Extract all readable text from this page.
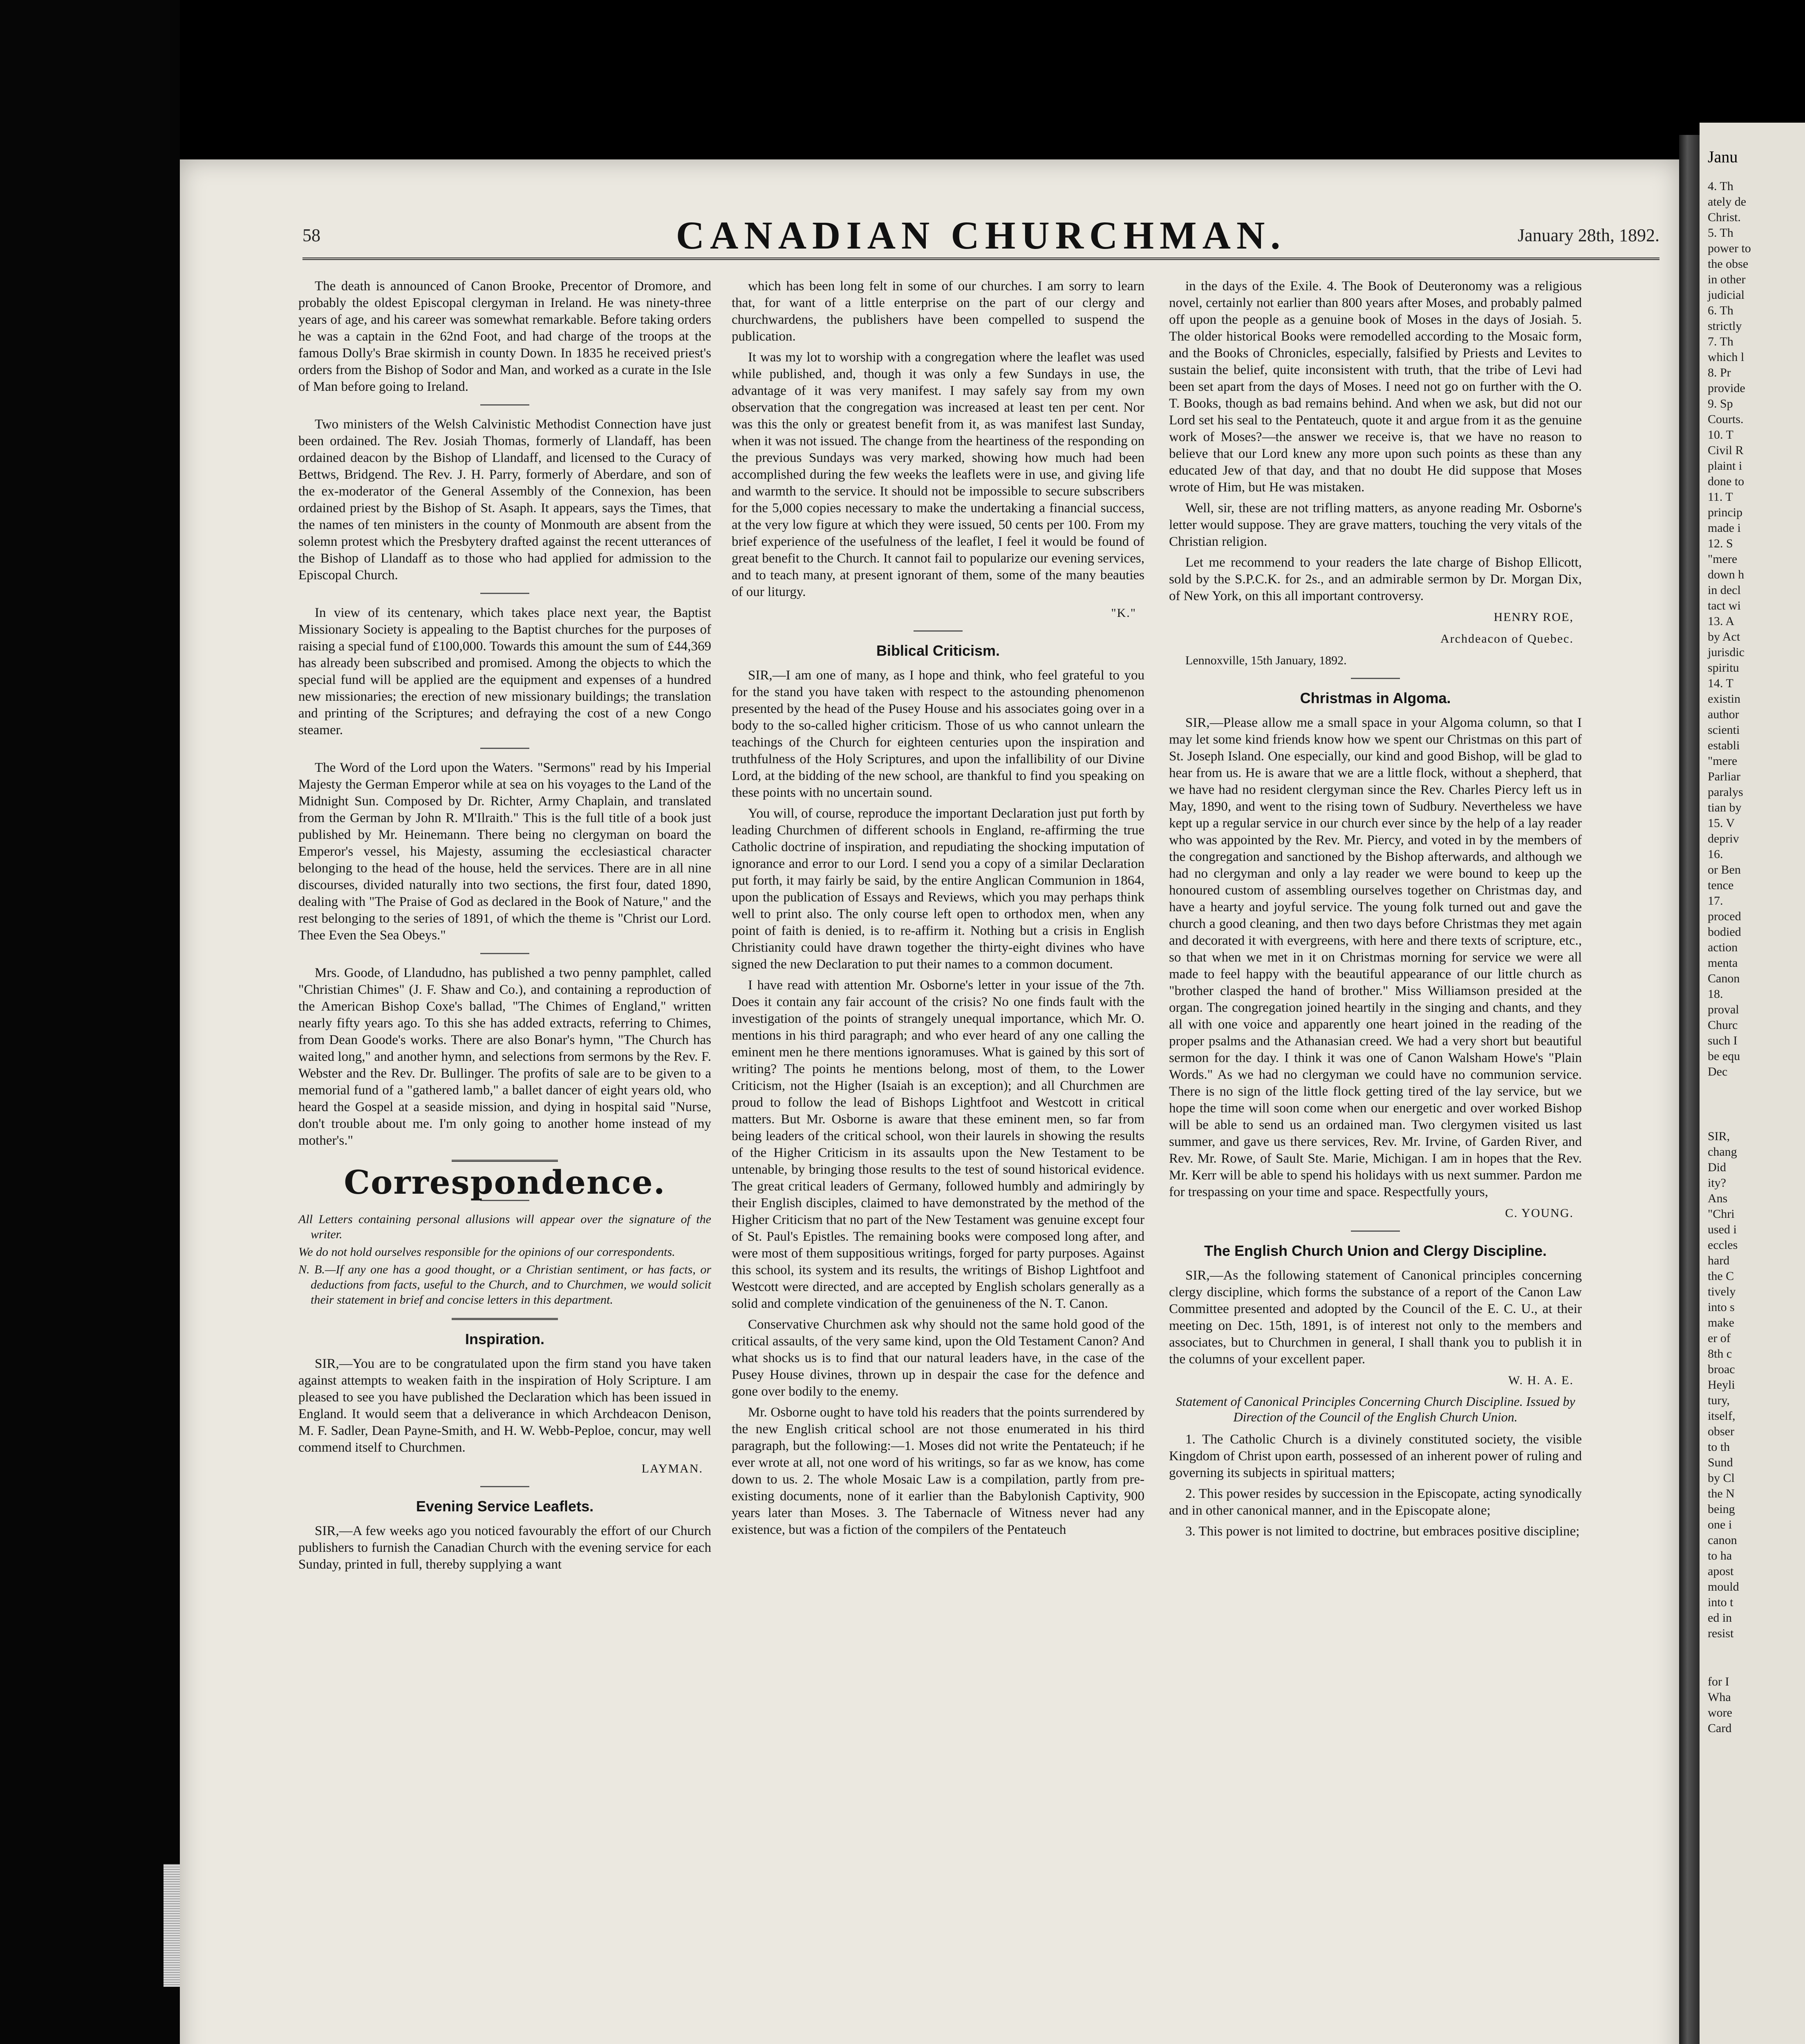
58	CANADIAN CHURCHMAN.	January 28th, 1892.

The death is announced of Canon Brooke, Precentor of Dromore, and probably the oldest Episcopal clergyman in Ireland. He was ninety-three years of age, and his career was somewhat remarkable. Before taking orders he was a captain in the 62nd Foot, and had charge of the troops at the famous Dolly's Brae skirmish in county Down. In 1835 he received priest's orders from the Bishop of Sodor and Man, and worked as a curate in the Isle of Man before going to Ireland.

Two ministers of the Welsh Calvinistic Methodist Connection have just been ordained. The Rev. Josiah Thomas, formerly of Llandaff, has been ordained deacon by the Bishop of Llandaff, and licensed to the Curacy of Bettws, Bridgend. The Rev. J. H. Parry, formerly of Aberdare, and son of the ex-moderator of the General Assembly of the Connexion, has been ordained priest by the Bishop of St. Asaph. It appears, says the Times, that the names of ten ministers in the county of Monmouth are absent from the solemn protest which the Presbytery drafted against the recent utterances of the Bishop of Llandaff as to those who had applied for admission to the Episcopal Church.

In view of its centenary, which takes place next year, the Baptist Missionary Society is appealing to the Baptist churches for the purposes of raising a special fund of £100,000. Towards this amount the sum of £44,369 has already been subscribed and promised. Among the objects to which the special fund will be applied are the equipment and expenses of a hundred new missionaries; the erection of new missionary buildings; the translation and printing of the Scriptures; and defraying the cost of a new Congo steamer.

The Word of the Lord upon the Waters. "Sermons" read by his Imperial Majesty the German Emperor while at sea on his voyages to the Land of the Midnight Sun. Composed by Dr. Richter, Army Chaplain, and translated from the German by John R. M'Ilraith." This is the full title of a book just published by Mr. Heinemann. There being no clergyman on board the Emperor's vessel, his Majesty, assuming the ecclesiastical character belonging to the head of the house, held the services. There are in all nine discourses, divided naturally into two sections, the first four, dated 1890, dealing with "The Praise of God as declared in the Book of Nature," and the rest belonging to the series of 1891, of which the theme is "Christ our Lord. Thee Even the Sea Obeys."

Mrs. Goode, of Llandudno, has published a two penny pamphlet, called "Christian Chimes" (J. F. Shaw and Co.), and containing a reproduction of the American Bishop Coxe's ballad, "The Chimes of England," written nearly fifty years ago. To this she has added extracts, referring to Chimes, from Dean Goode's works. There are also Bonar's hymn, "The Church has waited long," and another hymn, and selections from sermons by the Rev. F. Webster and the Rev. Dr. Bullinger. The profits of sale are to be given to a memorial fund of a "gathered lamb," a ballet dancer of eight years old, who heard the Gospel at a seaside mission, and dying in hospital said "Nurse, don't trouble about me. I'm only going to another home instead of my mother's."

Correspondence.
All Letters containing personal allusions will appear over the signature of the writer.
We do not hold ourselves responsible for the opinions of our correspondents.
N. B.—If any one has a good thought, or a Christian sentiment, or has facts, or deductions from facts, useful to the Church, and to Churchmen, we would solicit their statement in brief and concise letters in this department.
Inspiration.

SIR,—You are to be congratulated upon the firm stand you have taken against attempts to weaken faith in the inspiration of Holy Scripture. I am pleased to see you have published the Declaration which has been issued in England. It would seem that a deliverance in which Archdeacon Denison, M. F. Sadler, Dean Payne-Smith, and H. W. Webb-Peploe, concur, may well commend itself to Churchmen.

LAYMAN.
Evening Service Leaflets.

SIR,—A few weeks ago you noticed favourably the effort of our Church publishers to furnish the Canadian Church with the evening service for each Sunday, printed in full, thereby supplying a want

which has been long felt in some of our churches. I am sorry to learn that, for want of a little enterprise on the part of our clergy and churchwardens, the publishers have been compelled to suspend the publication.

It was my lot to worship with a congregation where the leaflet was used while published, and, though it was only a few Sundays in use, the advantage of it was very manifest. I may safely say from my own observation that the congregation was increased at least ten per cent. Nor was this the only or greatest benefit from it, as was manifest last Sunday, when it was not issued. The change from the heartiness of the responding on the previous Sundays was very marked, showing how much had been accomplished during the few weeks the leaflets were in use, and giving life and warmth to the service. It should not be impossible to secure subscribers for the 5,000 copies necessary to make the undertaking a financial success, at the very low figure at which they were issued, 50 cents per 100. From my brief experience of the usefulness of the leaflet, I feel it would be found of great benefit to the Church. It cannot fail to popularize our evening services, and to teach many, at present ignorant of them, some of the many beauties of our liturgy.

"K."
Biblical Criticism.

SIR,—I am one of many, as I hope and think, who feel grateful to you for the stand you have taken with respect to the astounding phenomenon presented by the head of the Pusey House and his associates going over in a body to the so-called higher criticism. Those of us who cannot unlearn the teachings of the Church for eighteen centuries upon the inspiration and truthfulness of the Holy Scriptures, and upon the infallibility of our Divine Lord, at the bidding of the new school, are thankful to find you speaking on these points with no uncertain sound.

You will, of course, reproduce the important Declaration just put forth by leading Churchmen of different schools in England, re-affirming the true Catholic doctrine of inspiration, and repudiating the shocking imputation of ignorance and error to our Lord. I send you a copy of a similar Declaration put forth, it may fairly be said, by the entire Anglican Communion in 1864, upon the publication of Essays and Reviews, which you may perhaps think well to print also. The only course left open to orthodox men, when any point of faith is denied, is to re-affirm it. Nothing but a crisis in English Christianity could have drawn together the thirty-eight divines who have signed the new Declaration to put their names to a common document.

I have read with attention Mr. Osborne's letter in your issue of the 7th. Does it contain any fair account of the crisis? No one finds fault with the investigation of the points of strangely unequal importance, which Mr. O. mentions in his third paragraph; and who ever heard of any one calling the eminent men he there mentions ignoramuses. What is gained by this sort of writing? The points he mentions belong, most of them, to the Lower Criticism, not the Higher (Isaiah is an exception); and all Churchmen are proud to follow the lead of Bishops Lightfoot and Westcott in critical matters. But Mr. Osborne is aware that these eminent men, so far from being leaders of the critical school, won their laurels in showing the results of the Higher Criticism in its assaults upon the New Testament to be untenable, by bringing those results to the test of sound historical evidence. The great critical leaders of Germany, followed humbly and admiringly by their English disciples, claimed to have demonstrated by the method of the Higher Criticism that no part of the New Testament was genuine except four of St. Paul's Epistles. The remaining books were composed long after, and were most of them suppositious writings, forged for party purposes. Against this school, its system and its results, the writings of Bishop Lightfoot and Westcott were directed, and are accepted by English scholars generally as a solid and complete vindication of the genuineness of the N. T. Canon.

Conservative Churchmen ask why should not the same hold good of the critical assaults, of the very same kind, upon the Old Testament Canon? And what shocks us is to find that our natural leaders have, in the case of the Pusey House divines, thrown up in despair the case for the defence and gone over bodily to the enemy.

Mr. Osborne ought to have told his readers that the points surrendered by the new English critical school are not those enumerated in his third paragraph, but the following:—1. Moses did not write the Pentateuch; if he ever wrote at all, not one word of his writings, so far as we know, has come down to us. 2. The whole Mosaic Law is a compilation, partly from pre-existing documents, none of it earlier than the Babylonish Captivity, 900 years later than Moses. 3. The Tabernacle of Witness never had any existence, but was a fiction of the compilers of the Pentateuch

in the days of the Exile. 4. The Book of Deuteronomy was a religious novel, certainly not earlier than 800 years after Moses, and probably palmed off upon the people as a genuine book of Moses in the days of Josiah. 5. The older historical Books were remodelled according to the Mosaic form, and the Books of Chronicles, especially, falsified by Priests and Levites to sustain the belief, quite inconsistent with truth, that the tribe of Levi had been set apart from the days of Moses. I need not go on further with the O. T. Books, though as bad remains behind. And when we ask, but did not our Lord set his seal to the Pentateuch, quote it and argue from it as the genuine work of Moses?—the answer we receive is, that we have no reason to believe that our Lord knew any more upon such points as these than any educated Jew of that day, and that no doubt He did suppose that Moses wrote of Him, but He was mistaken.

Well, sir, these are not trifling matters, as anyone reading Mr. Osborne's letter would suppose. They are grave matters, touching the very vitals of the Christian religion.

Let me recommend to your readers the late charge of Bishop Ellicott, sold by the S.P.C.K. for 2s., and an admirable sermon by Dr. Morgan Dix, of New York, on this all important controversy.

HENRY ROE,
Archdeacon of Quebec.
Lennoxville, 15th January, 1892.
Christmas in Algoma.

SIR,—Please allow me a small space in your Algoma column, so that I may let some kind friends know how we spent our Christmas on this part of St. Joseph Island. One especially, our kind and good Bishop, will be glad to hear from us. He is aware that we are a little flock, without a shepherd, that we have had no resident clergyman since the Rev. Charles Piercy left us in May, 1890, and went to the rising town of Sudbury. Nevertheless we have kept up a regular service in our church ever since by the help of a lay reader who was appointed by the Rev. Mr. Piercy, and voted in by the members of the congregation and sanctioned by the Bishop afterwards, and although we had no clergyman and only a lay reader we were bound to keep up the honoured custom of assembling ourselves together on Christmas day, and have a hearty and joyful service. The young folk turned out and gave the church a good cleaning, and then two days before Christmas they met again and decorated it with evergreens, with here and there texts of scripture, etc., so that when we met in it on Christmas morning for service we were all made to feel happy with the beautiful appearance of our little church as "brother clasped the hand of brother." Miss Williamson presided at the organ. The congregation joined heartily in the singing and chants, and they all with one voice and apparently one heart joined in the reading of the proper psalms and the Athanasian creed. We had a very short but beautiful sermon for the day. I think it was one of Canon Walsham Howe's "Plain Words." As we had no clergyman we could have no communion service. There is no sign of the little flock getting tired of the lay service, but we hope the time will soon come when our energetic and over worked Bishop will be able to send us an ordained man. Two clergymen visited us last summer, and gave us there services, Rev. Mr. Irvine, of Garden River, and Rev. Mr. Rowe, of Sault Ste. Marie, Michigan. I am in hopes that the Rev. Mr. Kerr will be able to spend his holidays with us next summer. Pardon me for trespassing on your time and space. Respectfully yours,

C. YOUNG.
The English Church Union and Clergy Discipline.

SIR,—As the following statement of Canonical principles concerning clergy discipline, which forms the substance of a report of the Canon Law Committee presented and adopted by the Council of the E. C. U., at their meeting on Dec. 15th, 1891, is of interest not only to the members and associates, but to Churchmen in general, I shall thank you to publish it in the columns of your excellent paper.

W. H. A. E.
Statement of Canonical Principles Concerning Church Discipline. Issued by Direction of the Council of the English Church Union.

1. The Catholic Church is a divinely constituted society, the visible Kingdom of Christ upon earth, possessed of an inherent power of ruling and governing its subjects in spiritual matters;

2. This power resides by succession in the Episcopate, acting synodically and in other canonical manner, and in the Episcopate alone;

3. This power is not limited to doctrine, but embraces positive discipline;

Janu
4. Th
ately de
Christ.
5. Th
power to
the obse
in other
judicial
6. Th
strictly
7. Th
which l
8. Pr
provide
9. Sp
Courts.
10. T
Civil R
plaint i
done to
11. T
princip
made i
12. S
"mere
down h
in decl
tact wi
13. A
by Act
jurisdic
spiritu
14. T
existin
author
scienti
establi
"mere
Parliar
paralys
tian by
15. V
depriv
16.
or Ben
tence
17.
proced
bodied
action
menta
Canon
18.
proval
Churc
such I
be equ
Dec
SIR,
chang
Did
ity?
Ans
"Chri
used i
eccles
hard
the C
tively
into s
make
er of
8th c
broac
Heyli
tury,
itself,
obser
to th
Sund
by Cl
the N
being
one i
canon
to ha
apost
mould
into t
ed in
resist
for I
Wha
wore
Card
